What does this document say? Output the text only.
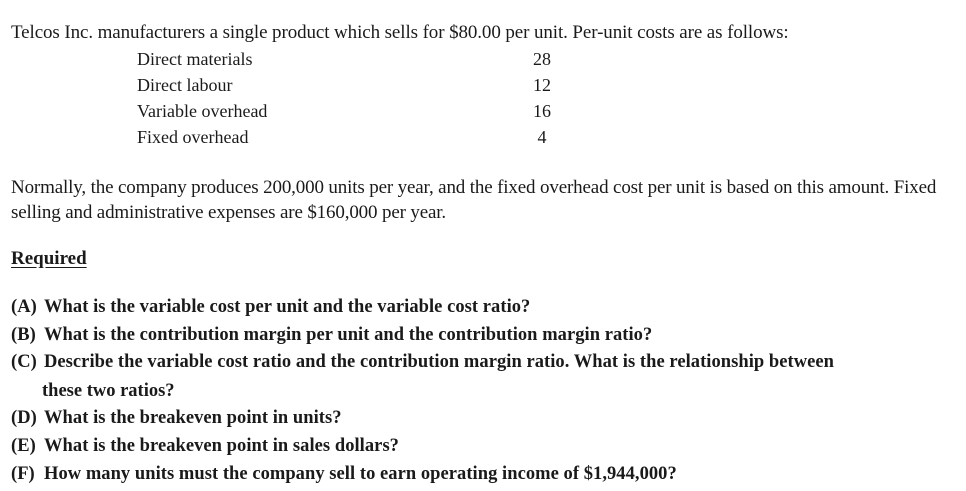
Telcos Inc. manufacturers a single product which sells for $80.00 per unit. Per-unit costs are as follows:
Direct materials	28
Direct labour	12
Variable overhead	16
Fixed overhead	4
Normally, the company produces 200,000 units per year, and the fixed overhead cost per unit is based on this amount. Fixed selling and administrative expenses are $160,000 per year.
Required
(A) What is the variable cost per unit and the variable cost ratio?
(B) What is the contribution margin per unit and the contribution margin ratio?
(C) Describe the variable cost ratio and the contribution margin ratio. What is the relationship between
these two ratios?
(D) What is the breakeven point in units?
(E) What is the breakeven point in sales dollars?
(F) How many units must the company sell to earn operating income of $1,944,000?
